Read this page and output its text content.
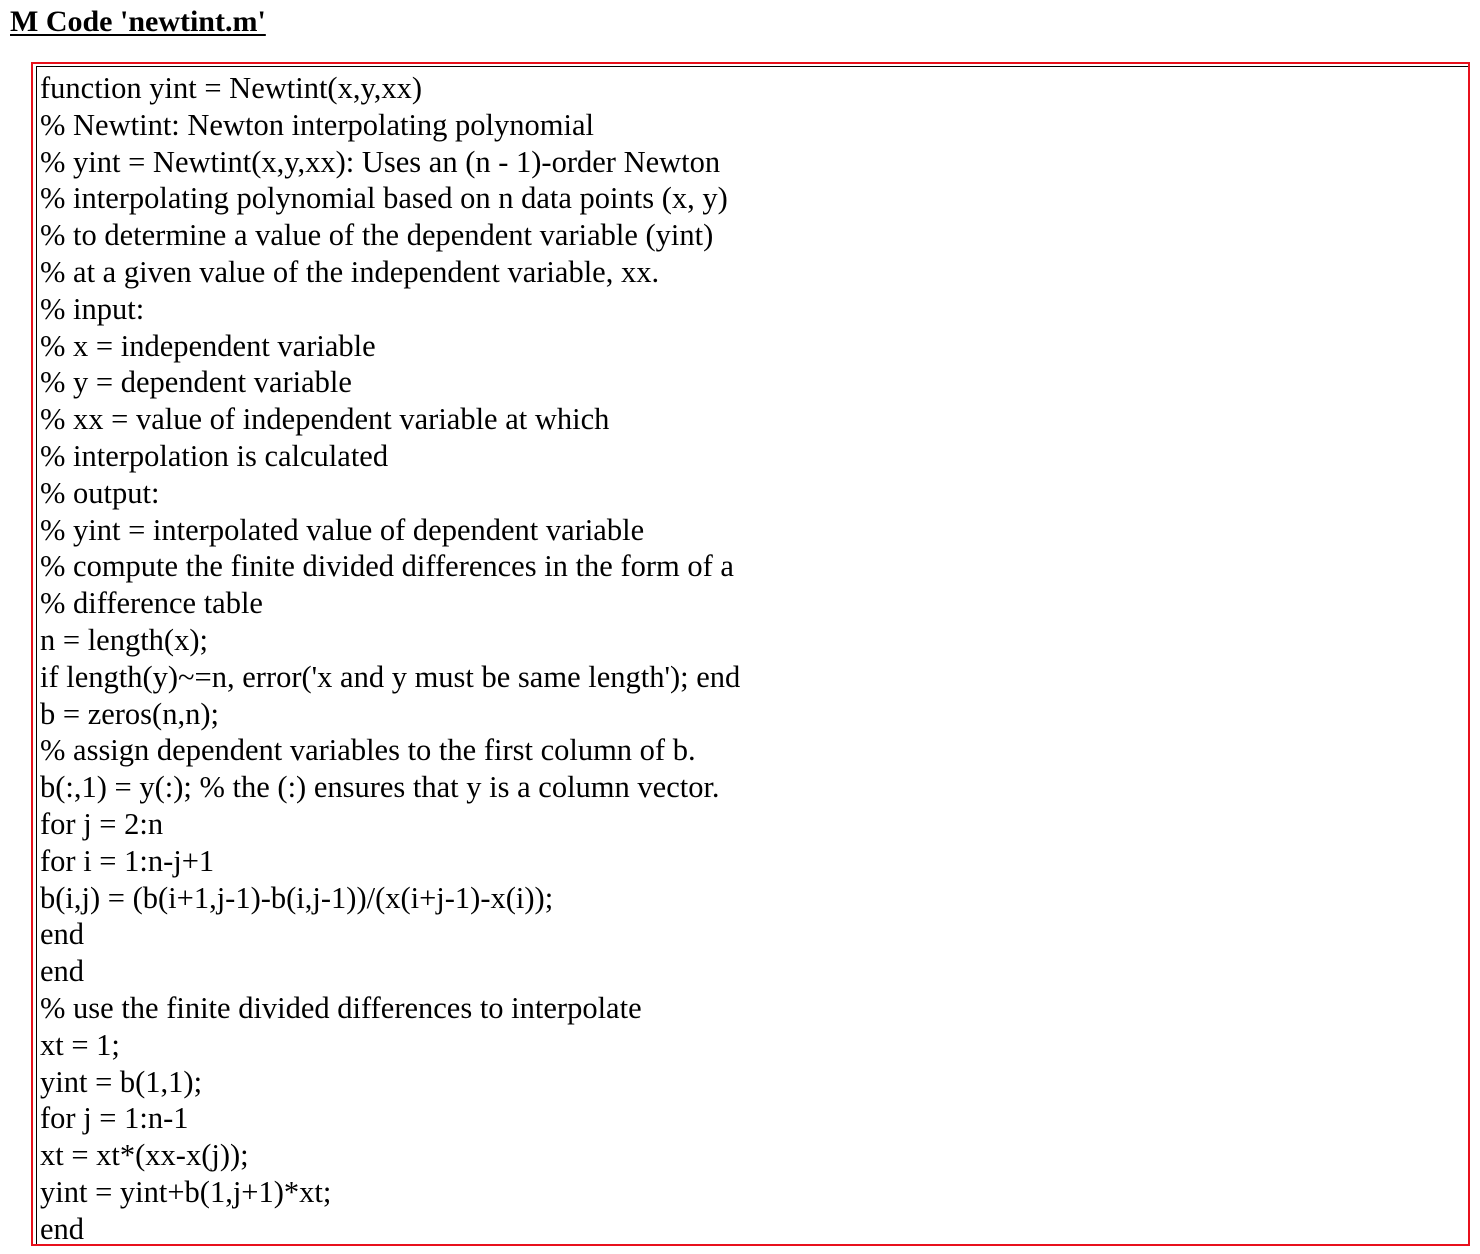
M Code 'newtint.m'
function yint = Newtint(x,y,xx)
% Newtint: Newton interpolating polynomial
% yint = Newtint(x,y,xx): Uses an (n - 1)-order Newton
% interpolating polynomial based on n data points (x, y)
% to determine a value of the dependent variable (yint)
% at a given value of the independent variable, xx.
% input:
% x = independent variable
% y = dependent variable
% xx = value of independent variable at which
% interpolation is calculated
% output:
% yint = interpolated value of dependent variable
% compute the finite divided differences in the form of a
% difference table
n = length(x);
if length(y)~=n, error('x and y must be same length'); end
b = zeros(n,n);
% assign dependent variables to the first column of b.
b(:,1) = y(:); % the (:) ensures that y is a column vector.
for j = 2:n
for i = 1:n-j+1
b(i,j) = (b(i+1,j-1)-b(i,j-1))/(x(i+j-1)-x(i));
end
end
% use the finite divided differences to interpolate
xt = 1;
yint = b(1,1);
for j = 1:n-1
xt = xt*(xx-x(j));
yint = yint+b(1,j+1)*xt;
end
